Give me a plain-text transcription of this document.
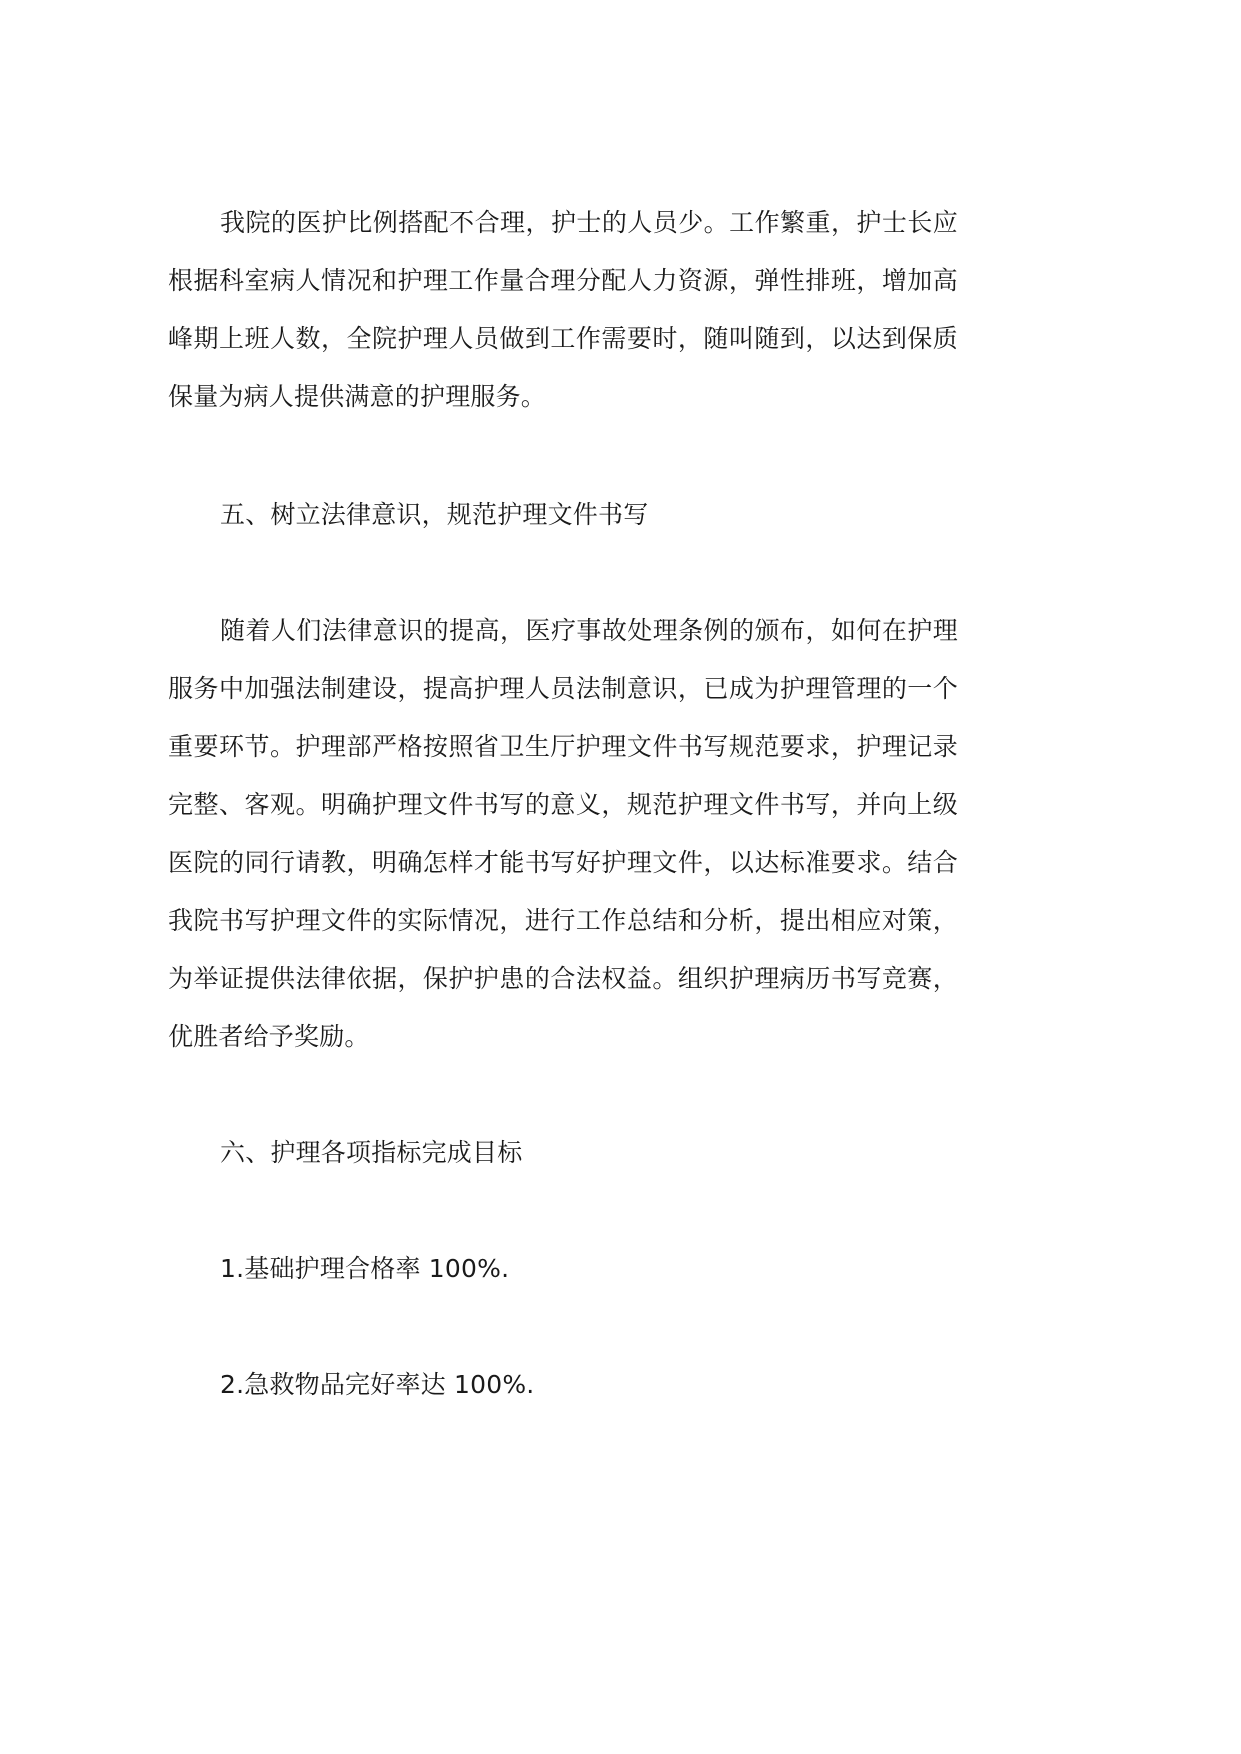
我院的医护比例搭配不合理，护士的人员少。工作繁重，护士长应根据科室病人情况和护理工作量合理分配人力资源，弹性排班，增加高峰期上班人数，全院护理人员做到工作需要时，随叫随到，以达到保质保量为病人提供满意的护理服务。

五、树立法律意识，规范护理文件书写

随着人们法律意识的提高，医疗事故处理条例的颁布，如何在护理服务中加强法制建设，提高护理人员法制意识，已成为护理管理的一个重要环节。护理部严格按照省卫生厅护理文件书写规范要求，护理记录完整、客观。明确护理文件书写的意义，规范护理文件书写，并向上级医院的同行请教，明确怎样才能书写好护理文件，以达标准要求。结合我院书写护理文件的实际情况，进行工作总结和分析，提出相应对策，为举证提供法律依据，保护护患的合法权益。组织护理病历书写竞赛，优胜者给予奖励。

六、护理各项指标完成目标

1.基础护理合格率 100%.

2.急救物品完好率达 100%.
